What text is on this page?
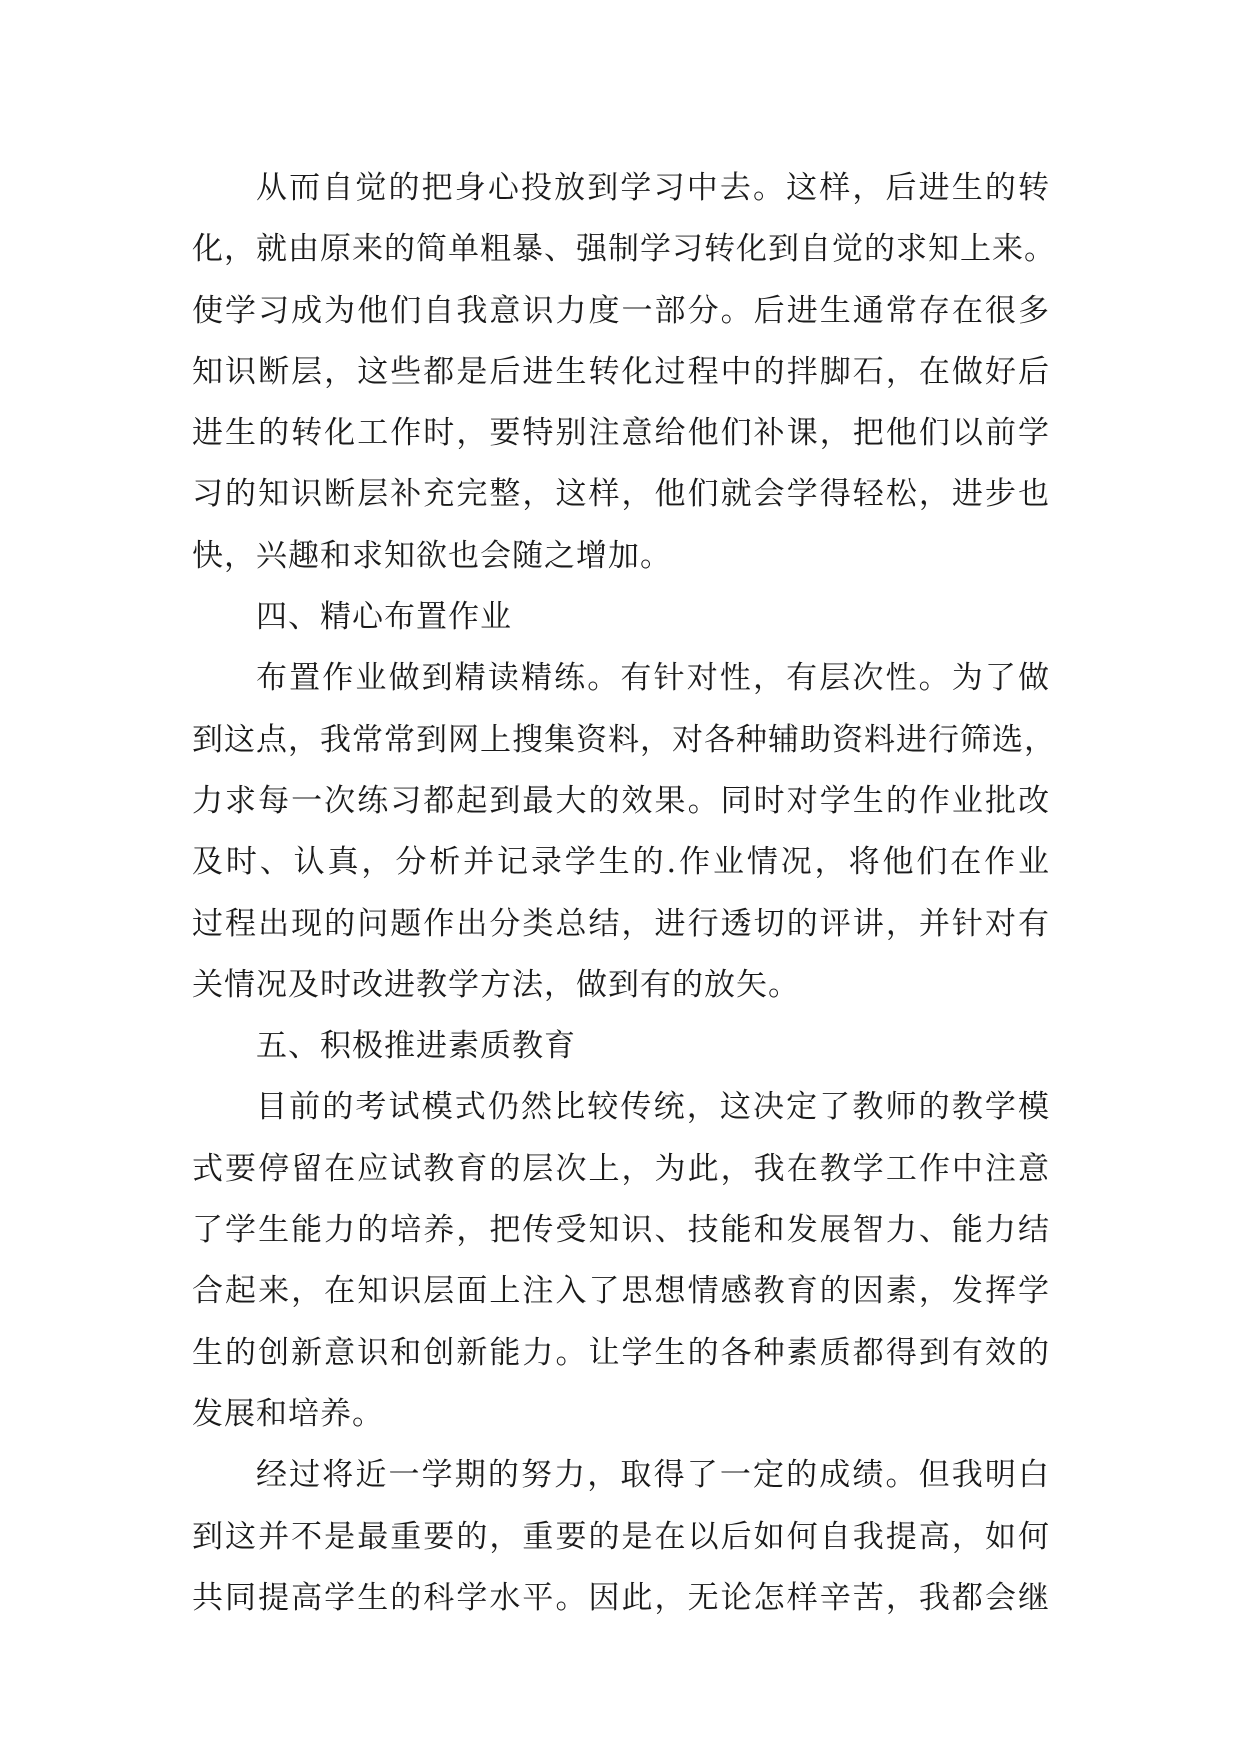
从而自觉的把身心投放到学习中去。这样，后进生的转
化，就由原来的简单粗暴、强制学习转化到自觉的求知上来。
使学习成为他们自我意识力度一部分。后进生通常存在很多
知识断层，这些都是后进生转化过程中的拌脚石，在做好后
进生的转化工作时，要特别注意给他们补课，把他们以前学
习的知识断层补充完整，这样，他们就会学得轻松，进步也
快，兴趣和求知欲也会随之增加。
四、精心布置作业
布置作业做到精读精练。有针对性，有层次性。为了做
到这点，我常常到网上搜集资料，对各种辅助资料进行筛选，
力求每一次练习都起到最大的效果。同时对学生的作业批改
及时、认真，分析并记录学生的.作业情况，将他们在作业
过程出现的问题作出分类总结，进行透切的评讲，并针对有
关情况及时改进教学方法，做到有的放矢。
五、积极推进素质教育
目前的考试模式仍然比较传统，这决定了教师的教学模
式要停留在应试教育的层次上，为此，我在教学工作中注意
了学生能力的培养，把传受知识、技能和发展智力、能力结
合起来，在知识层面上注入了思想情感教育的因素，发挥学
生的创新意识和创新能力。让学生的各种素质都得到有效的
发展和培养。
经过将近一学期的努力，取得了一定的成绩。但我明白
到这并不是最重要的，重要的是在以后如何自我提高，如何
共同提高学生的科学水平。因此，无论怎样辛苦，我都会继
